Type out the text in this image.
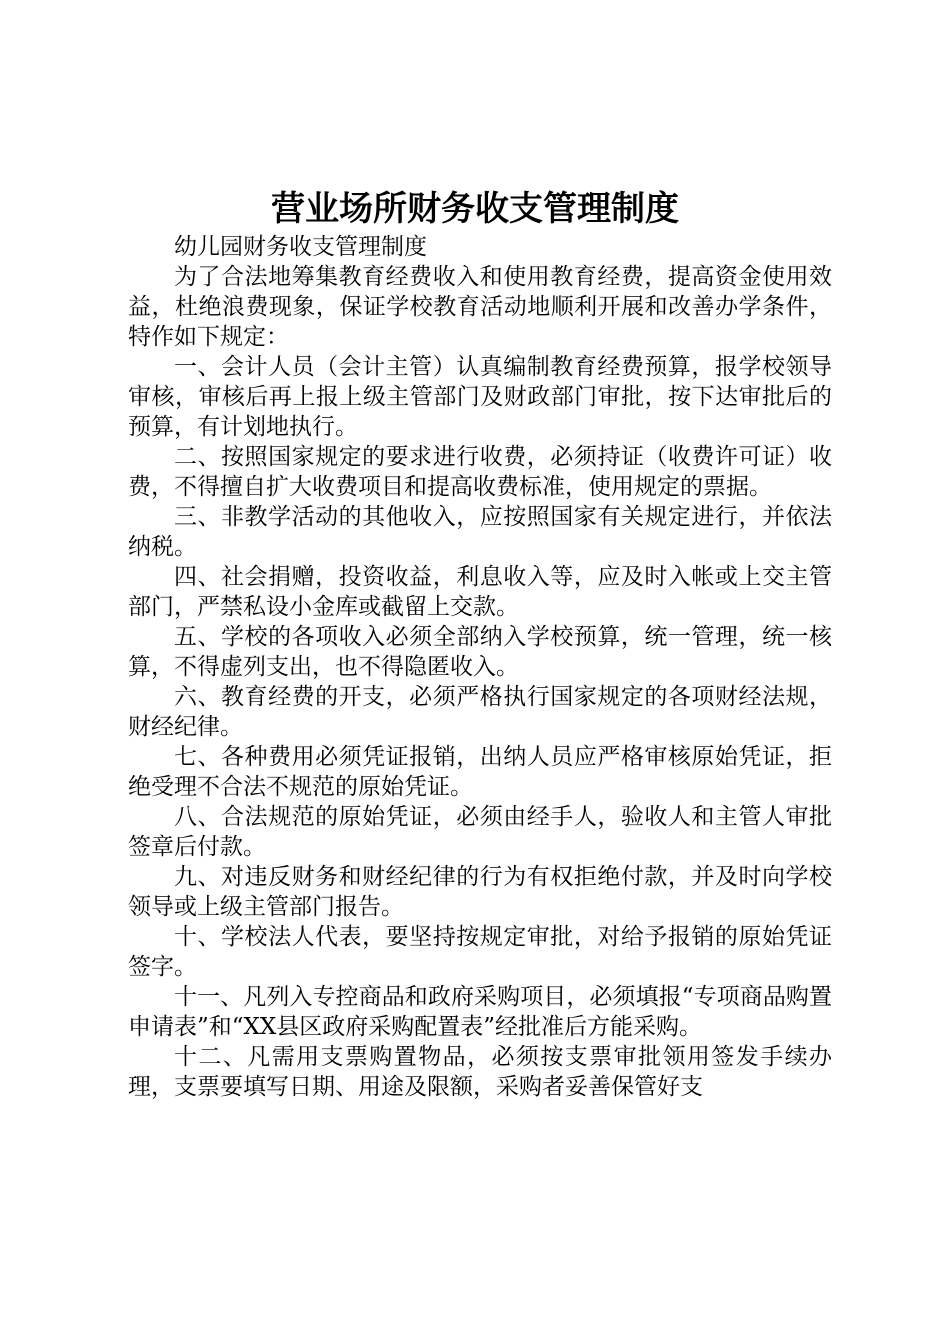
营业场所财务收支管理制度

幼儿园财务收支管理制度

为了合法地筹集教育经费收入和使用教育经费，提高资金使用效益，杜绝浪费现象，保证学校教育活动地顺利开展和改善办学条件，特作如下规定：

一、会计人员（会计主管）认真编制教育经费预算，报学校领导审核，审核后再上报上级主管部门及财政部门审批，按下达审批后的预算，有计划地执行。

二、按照国家规定的要求进行收费，必须持证（收费许可证）收费，不得擅自扩大收费项目和提高收费标准，使用规定的票据。

三、非教学活动的其他收入，应按照国家有关规定进行，并依法纳税。

四、社会捐赠，投资收益，利息收入等，应及时入帐或上交主管部门，严禁私设小金库或截留上交款。

五、学校的各项收入必须全部纳入学校预算，统一管理，统一核算，不得虚列支出，也不得隐匿收入。

六、教育经费的开支，必须严格执行国家规定的各项财经法规，财经纪律。

七、各种费用必须凭证报销，出纳人员应严格审核原始凭证，拒绝受理不合法不规范的原始凭证。

八、合法规范的原始凭证，必须由经手人，验收人和主管人审批签章后付款。

九、对违反财务和财经纪律的行为有权拒绝付款，并及时向学校领导或上级主管部门报告。

十、学校法人代表，要坚持按规定审批，对给予报销的原始凭证签字。

十一、凡列入专控商品和政府采购项目，必须填报“专项商品购置申请表”和“XX县区政府采购配置表”经批准后方能采购。

十二、凡需用支票购置物品，必须按支票审批领用签发手续办理，支票要填写日期、用途及限额，采购者妥善保管好支
